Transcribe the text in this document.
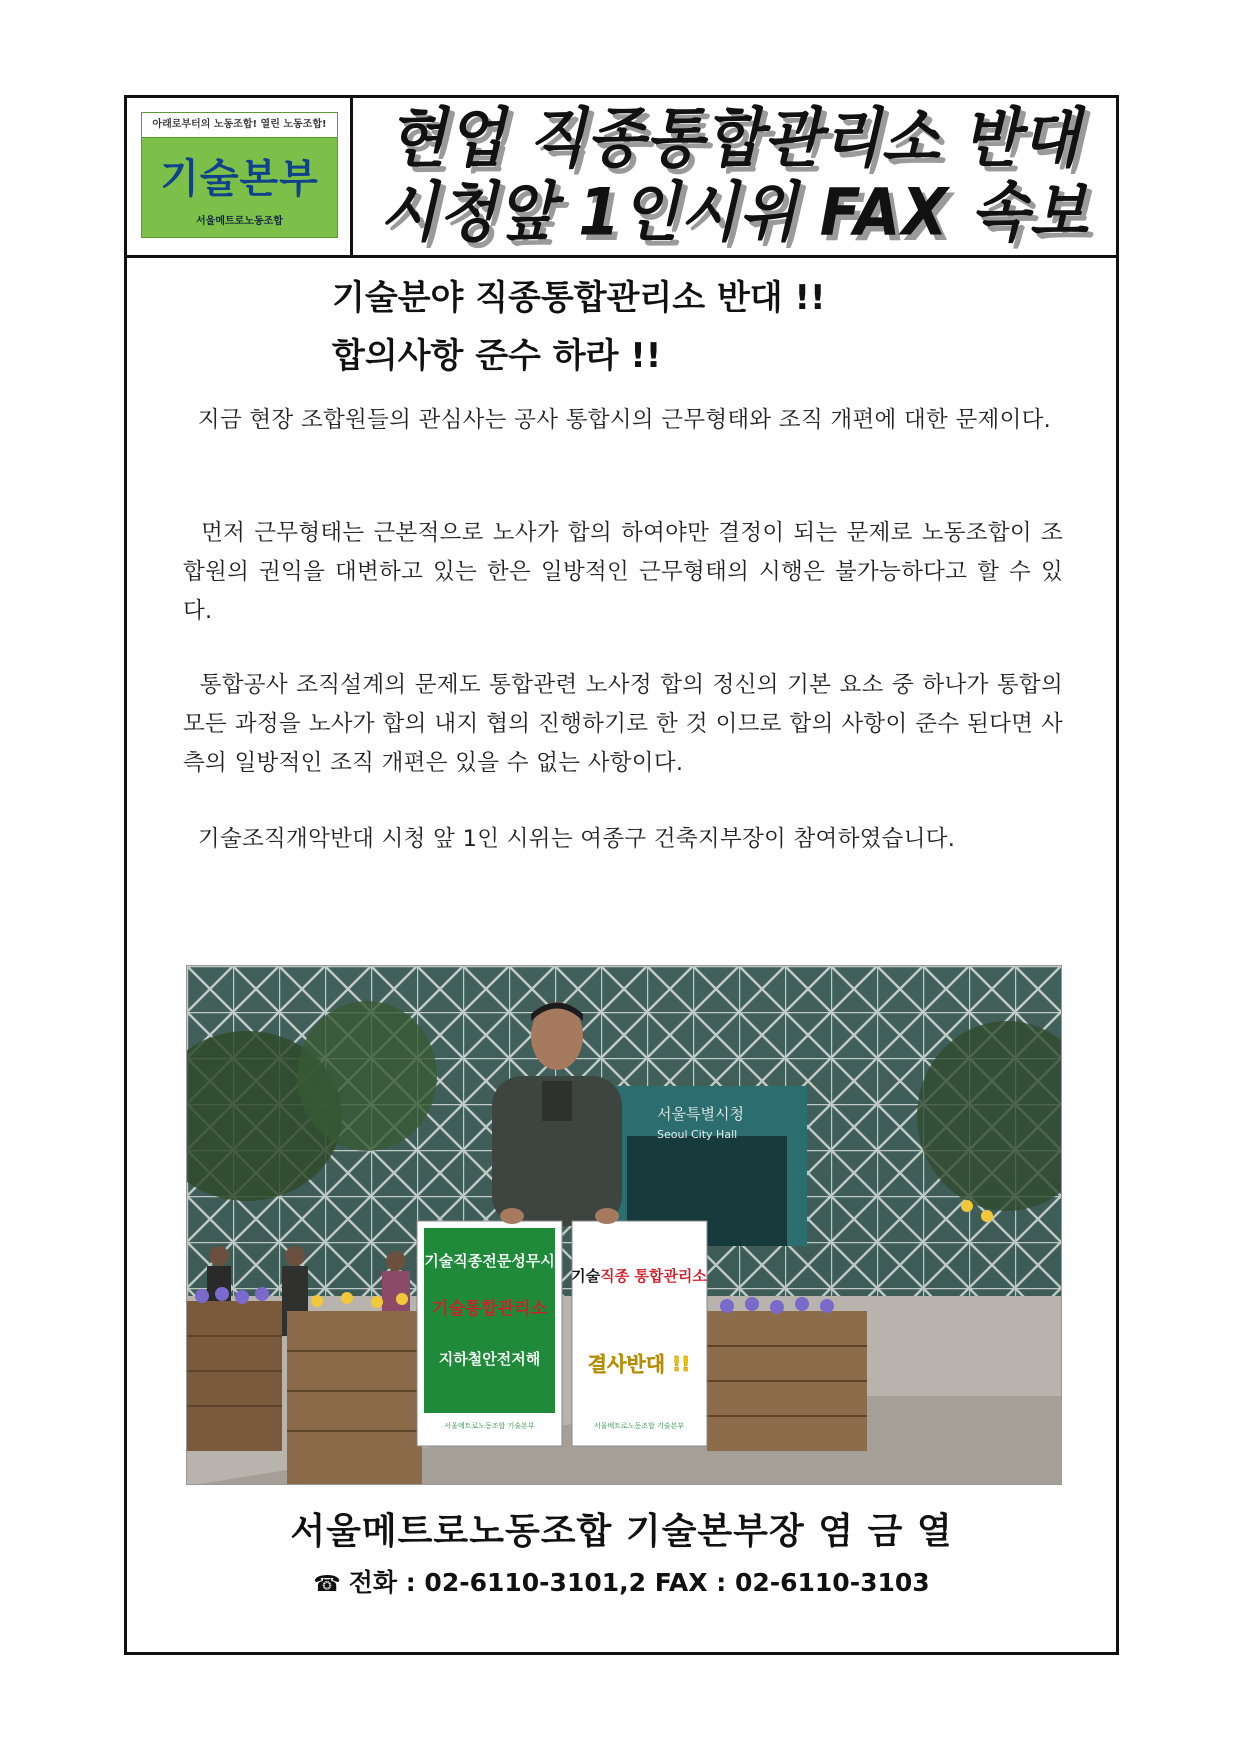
아래로부터의 노동조합! 열린 노동조합!
기술본부
서울메트로노동조합
현업 직종통합관리소 반대
시청앞 1인시위 FAX 속보
기술분야 직종통합관리소 반대 !!
합의사항 준수 하라 !!
지금 현장 조합원들의 관심사는 공사 통합시의 근무형태와 조직 개편에 대한 문제이다.
먼저 근무형태는 근본적으로 노사가 합의 하여야만 결정이 되는 문제로 노동조합이 조합원의 권익을 대변하고 있는 한은 일방적인 근무형태의 시행은 불가능하다고 할 수 있다.
통합공사 조직설계의 문제도 통합관련 노사정 합의 정신의 기본 요소 중 하나가 통합의 모든 과정을 노사가 합의 내지 협의 진행하기로 한 것 이므로 합의 사항이 준수 된다면 사측의 일방적인 조직 개편은 있을 수 없는 사항이다.
기술조직개악반대 시청 앞 1인 시위는 여종구 건축지부장이 참여하였습니다.
서울특별시청
Seoul City Hall
기술직종전문성무시
기술통합관리소
지하철안전저해
서울메트로노동조합 기술본부
기술직종 통합관리소
결사반대 !!
서울메트로노동조합 기술본부
서울메트로노동조합 기술본부장 염 금 열
☎ 전화 : 02-6110-3101,2 FAX : 02-6110-3103
